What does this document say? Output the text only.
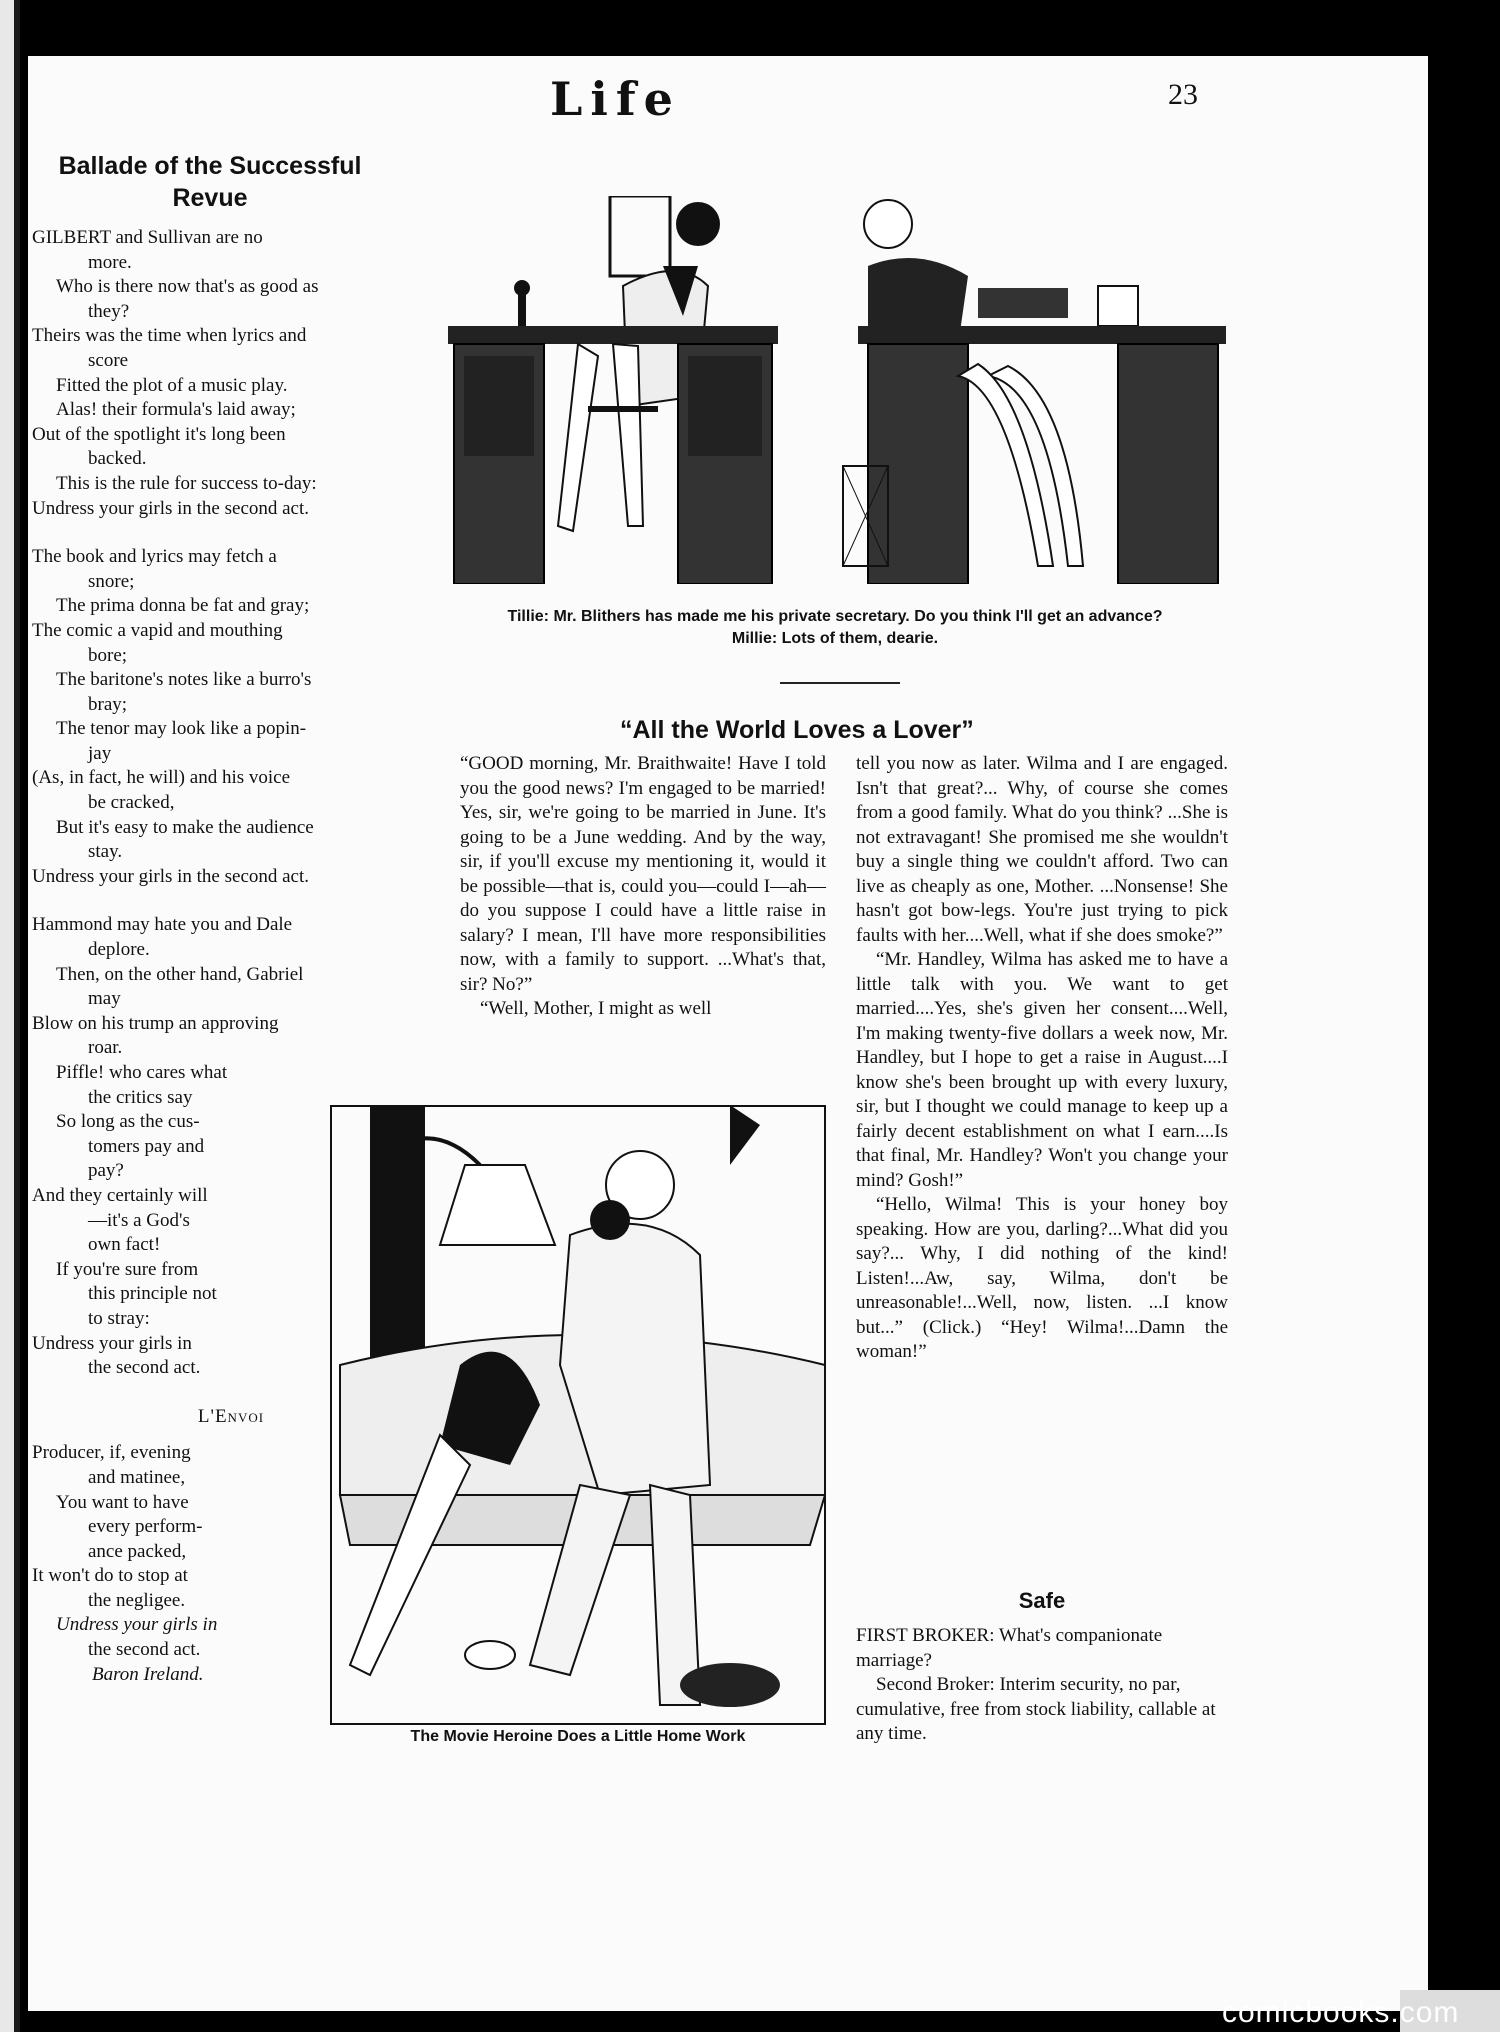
Life	23
Ballade of the Successful Revue
GILBERT and Sullivan are no
more.
Who is there now that's as good as
they?
Theirs was the time when lyrics and
score
Fitted the plot of a music play.
Alas! their formula's laid away;
Out of the spotlight it's long been
backed.
This is the rule for success to-day:
Undress your girls in the second act.
The book and lyrics may fetch a
snore;
The prima donna be fat and gray;
The comic a vapid and mouthing
bore;
The baritone's notes like a burro's
bray;
The tenor may look like a popin-
jay
(As, in fact, he will) and his voice
be cracked,
But it's easy to make the audience
stay.
Undress your girls in the second act.
Hammond may hate you and Dale
deplore.
Then, on the other hand, Gabriel
may
Blow on his trump an approving
roar.
Piffle! who cares what
the critics say
So long as the cus-
tomers pay and
pay?
And they certainly will
—it's a God's
own fact!
If you're sure from
this principle not
to stray:
Undress your girls in
the second act.
L'Envoi
Producer, if, evening
and matinee,
You want to have
every perform-
ance packed,
It won't do to stop at
the negligee.
Undress your girls in
the second act.
Baron Ireland.
Tillie: Mr. Blithers has made me his private secretary. Do you think I'll get an advance?
Millie: Lots of them, dearie.
“All the World Loves a Lover”

“GOOD morning, Mr. Braithwaite! Have I told you the good news? I'm engaged to be married! Yes, sir, we're going to be married in June. It's going to be a June wedding. And by the way, sir, if you'll excuse my mentioning it, would it be possible—that is, could you—could I—ah—do you suppose I could have a little raise in salary? I mean, I'll have more responsibilities now, with a family to support. ...What's that, sir? No?”

“Well, Mother, I might as well

tell you now as later. Wilma and I are engaged. Isn't that great?... Why, of course she comes from a good family. What do you think? ...She is not extravagant! She promised me she wouldn't buy a single thing we couldn't afford. Two can live as cheaply as one, Mother. ...Nonsense! She hasn't got bow-legs. You're just trying to pick faults with her....Well, what if she does smoke?”

“Mr. Handley, Wilma has asked me to have a little talk with you. We want to get married....Yes, she's given her consent....Well, I'm making twenty-five dollars a week now, Mr. Handley, but I hope to get a raise in August....I know she's been brought up with every luxury, sir, but I thought we could manage to keep up a fairly decent establishment on what I earn....Is that final, Mr. Handley? Won't you change your mind? Gosh!”

“Hello, Wilma! This is your honey boy speaking. How are you, darling?...What did you say?... Why, I did nothing of the kind! Listen!...Aw, say, Wilma, don't be unreasonable!...Well, now, listen. ...I know but...” (Click.) “Hey! Wilma!...Damn the woman!”

The Movie Heroine Does a Little Home Work
Safe
FIRST BROKER: What's companionate marriage?
Second Broker: Interim security, no par, cumulative, free from stock liability, callable at any time.
comicbooks.com
